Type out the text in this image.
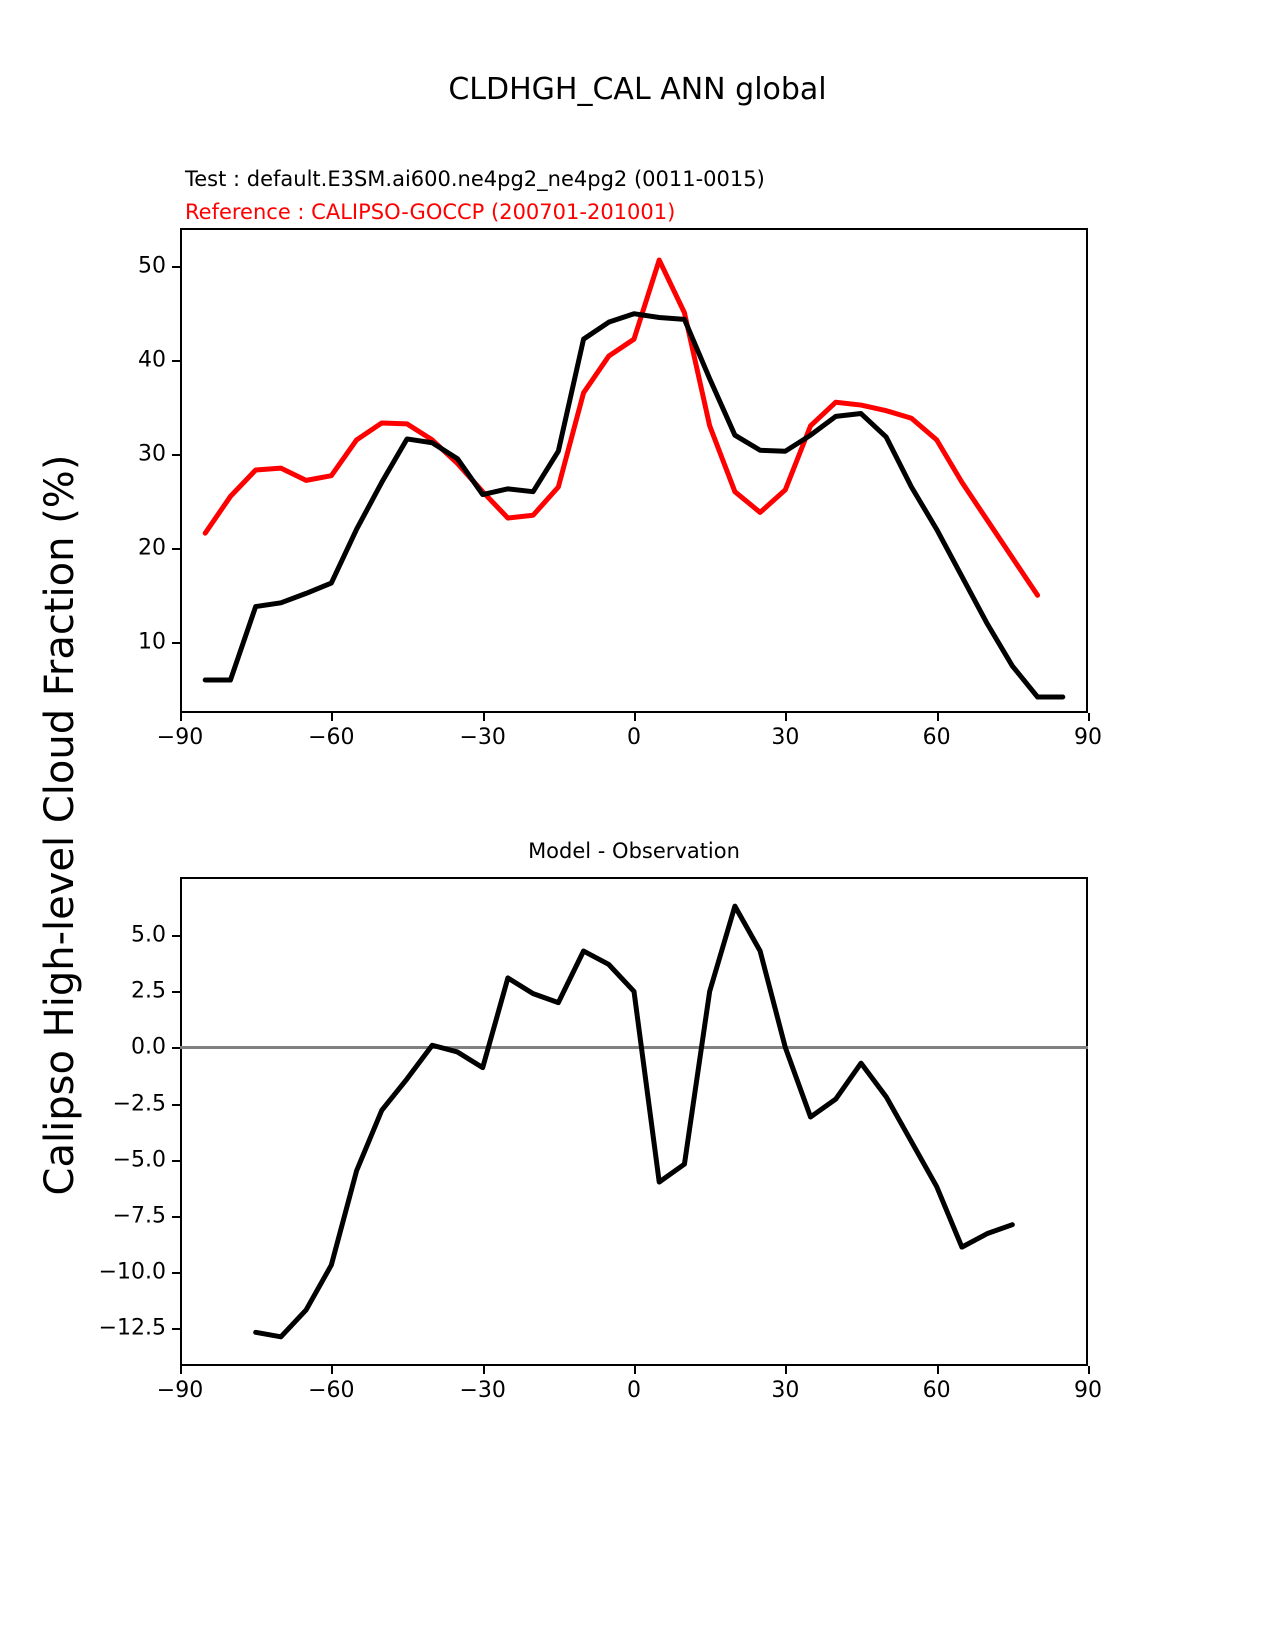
Calipso High-level Cloud Fraction (%)
CLDHGH_CAL ANN global
Test : default.E3SM.ai600.ne4pg2_ne4pg2 (0011-0015)
Reference : CALIPSO-GOCCP (200701-201001)
10
20
30
40
50
−90	−60	−30	0	30	60	90
Model - Observation
−12.5
−10.0
−7.5
−5.0
−2.5
0.0
2.5
5.0
−90	−60	−30	0	30	60	90
